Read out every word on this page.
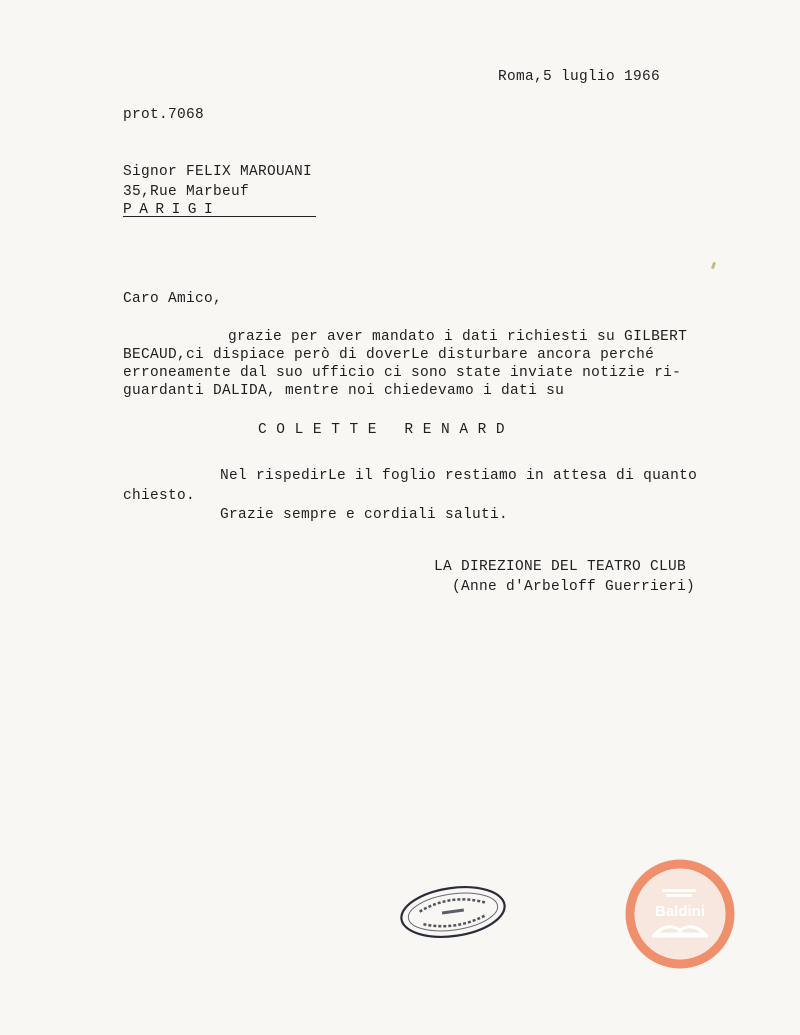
Roma,5 luglio 1966
prot.7068
Signor FELIX MAROUANI
35,Rue Marbeuf
PARIGI
Caro Amico,
grazie per aver mandato i dati richiesti su GILBERT
BECAUD,ci dispiace però di doverLe disturbare ancora perché
erroneamente dal suo ufficio ci sono state inviate notizie ri-
guardanti DALIDA, mentre noi chiedevamo i dati su
COLETTE RENARD
Nel rispedirLe il foglio restiamo in attesa di quanto
chiesto.
Grazie sempre e cordiali saluti.
LA DIREZIONE DEL TEATRO CLUB
(Anne d'Arbeloff Guerrieri)
Baldini
